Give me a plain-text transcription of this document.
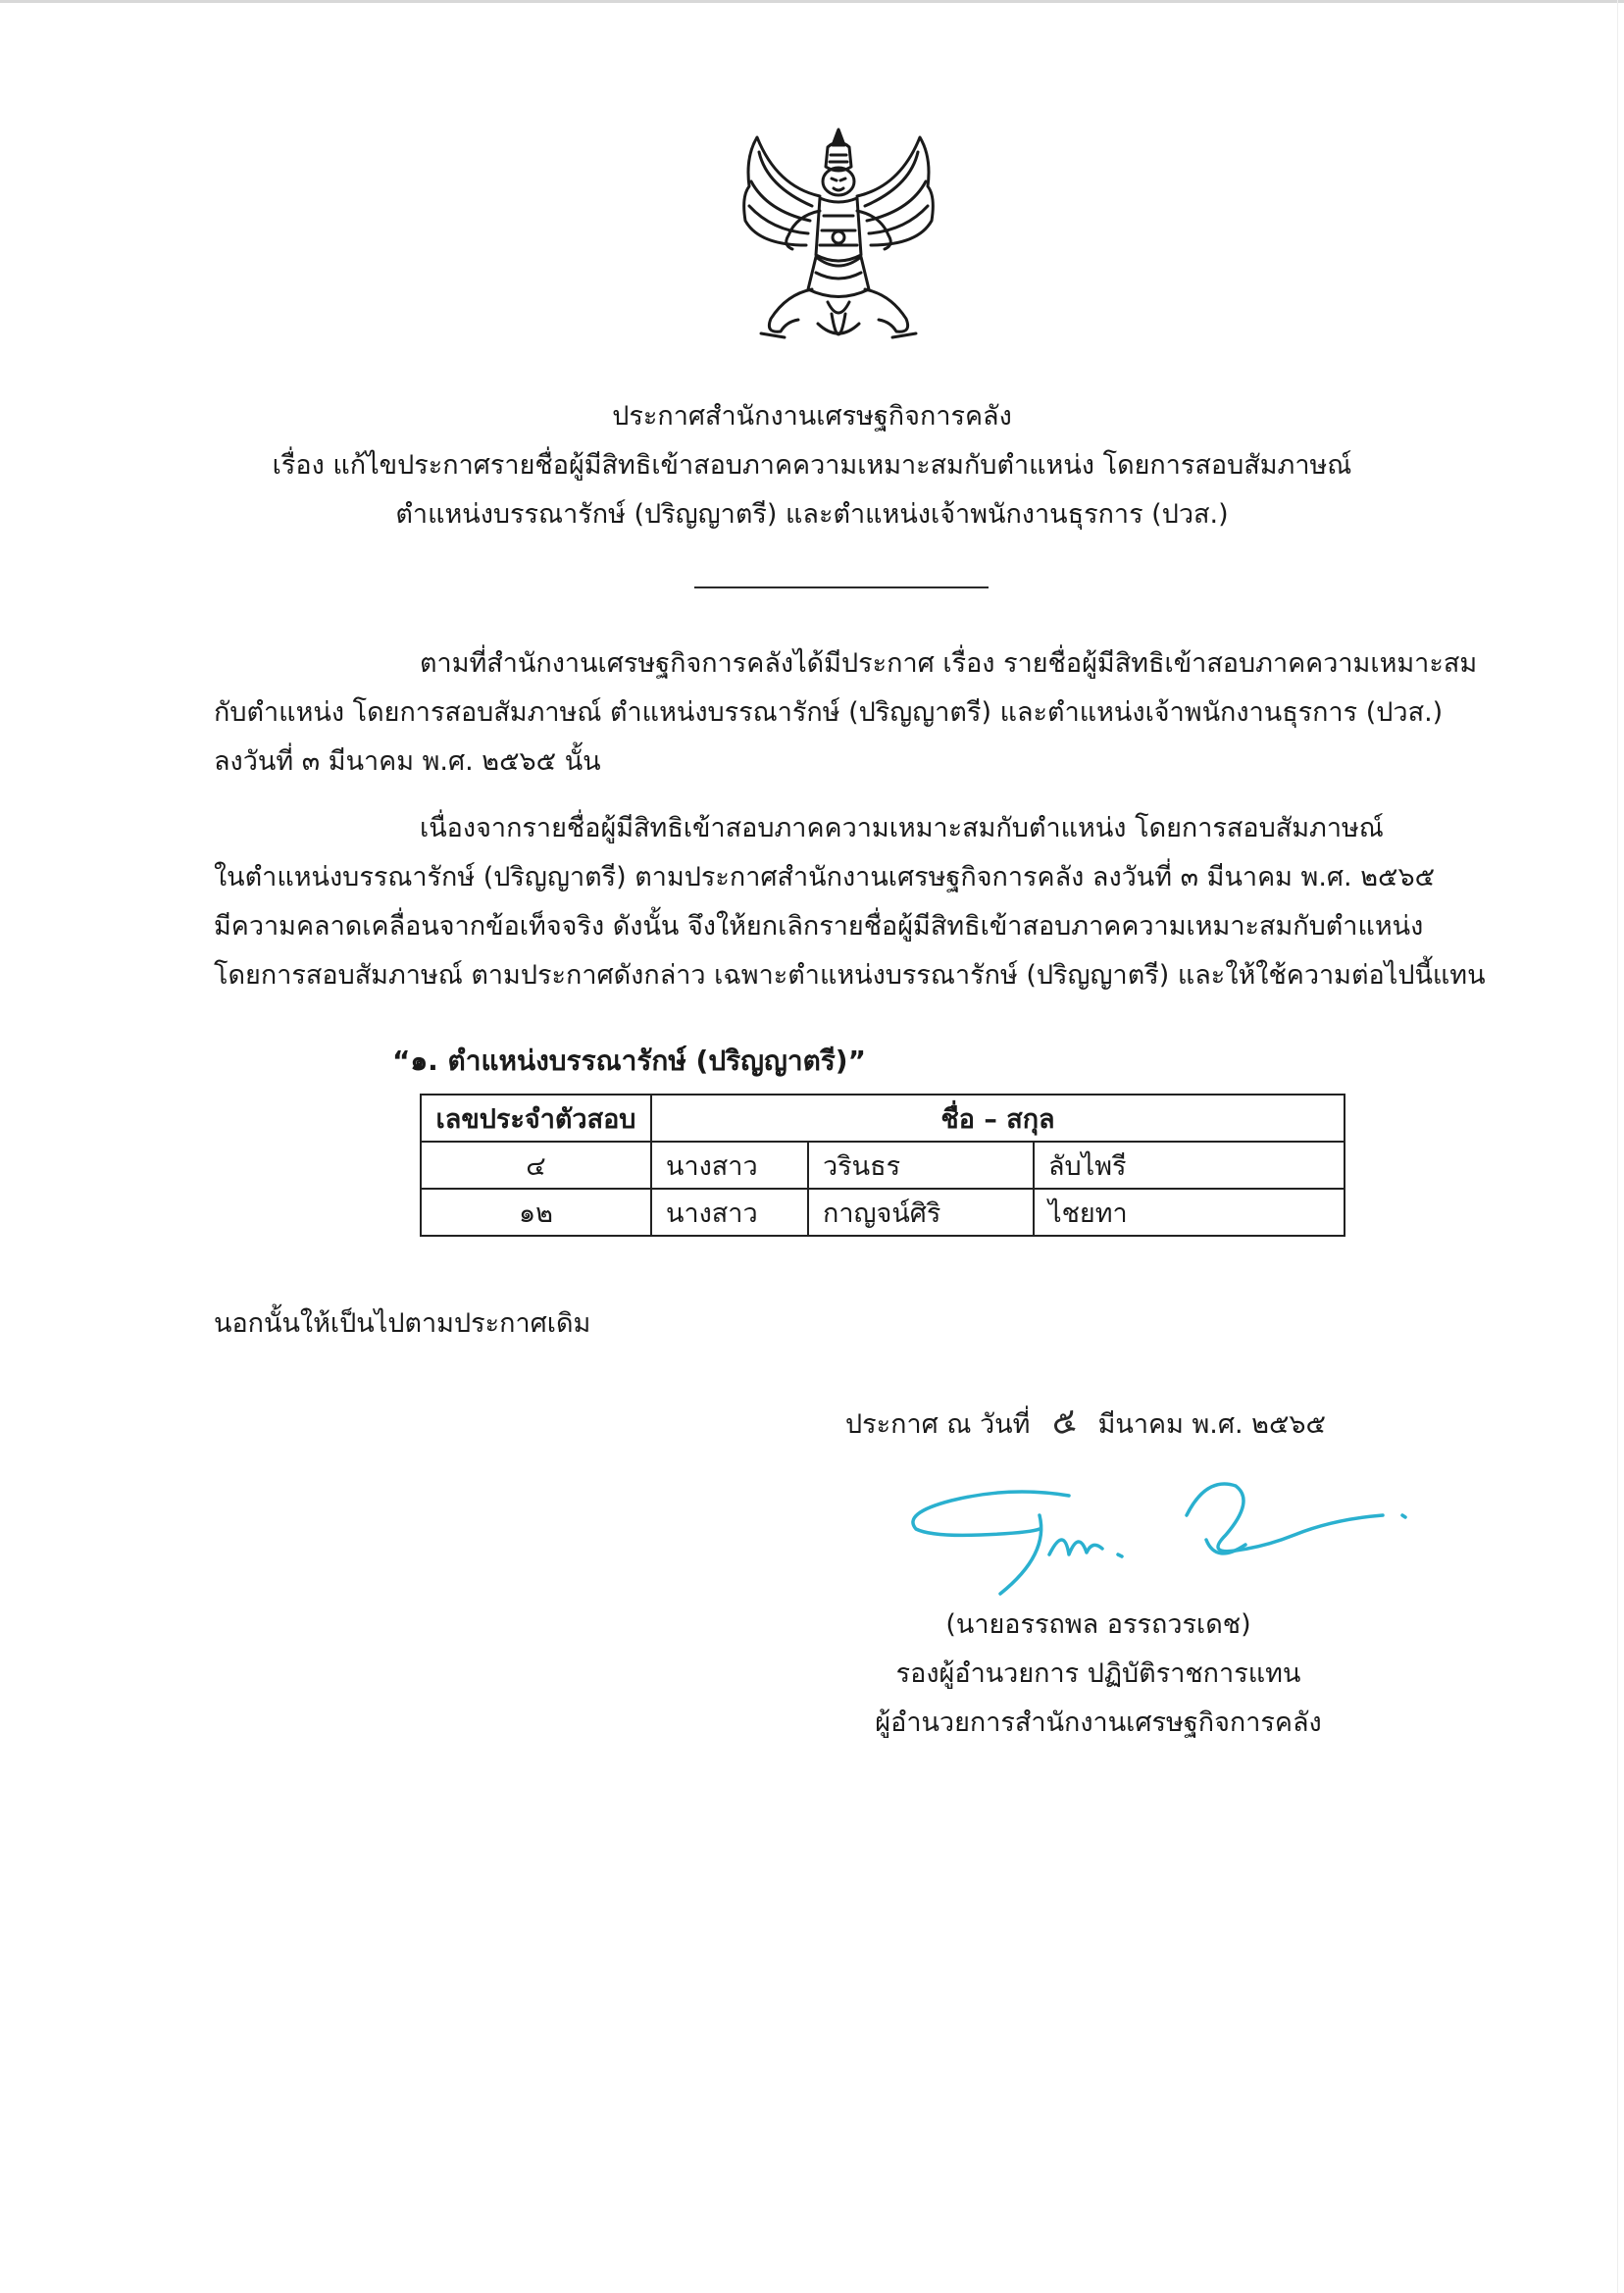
ประกาศสำนักงานเศรษฐกิจการคลัง
เรื่อง แก้ไขประกาศรายชื่อผู้มีสิทธิเข้าสอบภาคความเหมาะสมกับตำแหน่ง โดยการสอบสัมภาษณ์
ตำแหน่งบรรณารักษ์ (ปริญญาตรี) และตำแหน่งเจ้าพนักงานธุรการ (ปวส.)
ตามที่สำนักงานเศรษฐกิจการคลังได้มีประกาศ เรื่อง รายชื่อผู้มีสิทธิเข้าสอบภาคความเหมาะสม
กับตำแหน่ง โดยการสอบสัมภาษณ์ ตำแหน่งบรรณารักษ์ (ปริญญาตรี) และตำแหน่งเจ้าพนักงานธุรการ (ปวส.)
ลงวันที่ ๓ มีนาคม พ.ศ. ๒๕๖๕ นั้น
เนื่องจากรายชื่อผู้มีสิทธิเข้าสอบภาคความเหมาะสมกับตำแหน่ง โดยการสอบสัมภาษณ์
ในตำแหน่งบรรณารักษ์ (ปริญญาตรี) ตามประกาศสำนักงานเศรษฐกิจการคลัง ลงวันที่ ๓ มีนาคม พ.ศ. ๒๕๖๕
มีความคลาดเคลื่อนจากข้อเท็จจริง ดังนั้น จึงให้ยกเลิกรายชื่อผู้มีสิทธิเข้าสอบภาคความเหมาะสมกับตำแหน่ง
โดยการสอบสัมภาษณ์ ตามประกาศดังกล่าว เฉพาะตำแหน่งบรรณารักษ์ (ปริญญาตรี) และให้ใช้ความต่อไปนี้แทน
“๑. ตำแหน่งบรรณารักษ์ (ปริญญาตรี)”
เลขประจำตัวสอบ	ชื่อ – สกุล		
๔	นางสาว	วรินธร	ลับไพรี
๑๒	นางสาว	กาญจน์ศิริ	ไชยทา
นอกนั้นให้เป็นไปตามประกาศเดิม
ประกาศ ณ วันที่ ๕ มีนาคม พ.ศ. ๒๕๖๕
(นายอรรถพล อรรถวรเดช)
รองผู้อำนวยการ ปฏิบัติราชการแทน
ผู้อำนวยการสำนักงานเศรษฐกิจการคลัง
